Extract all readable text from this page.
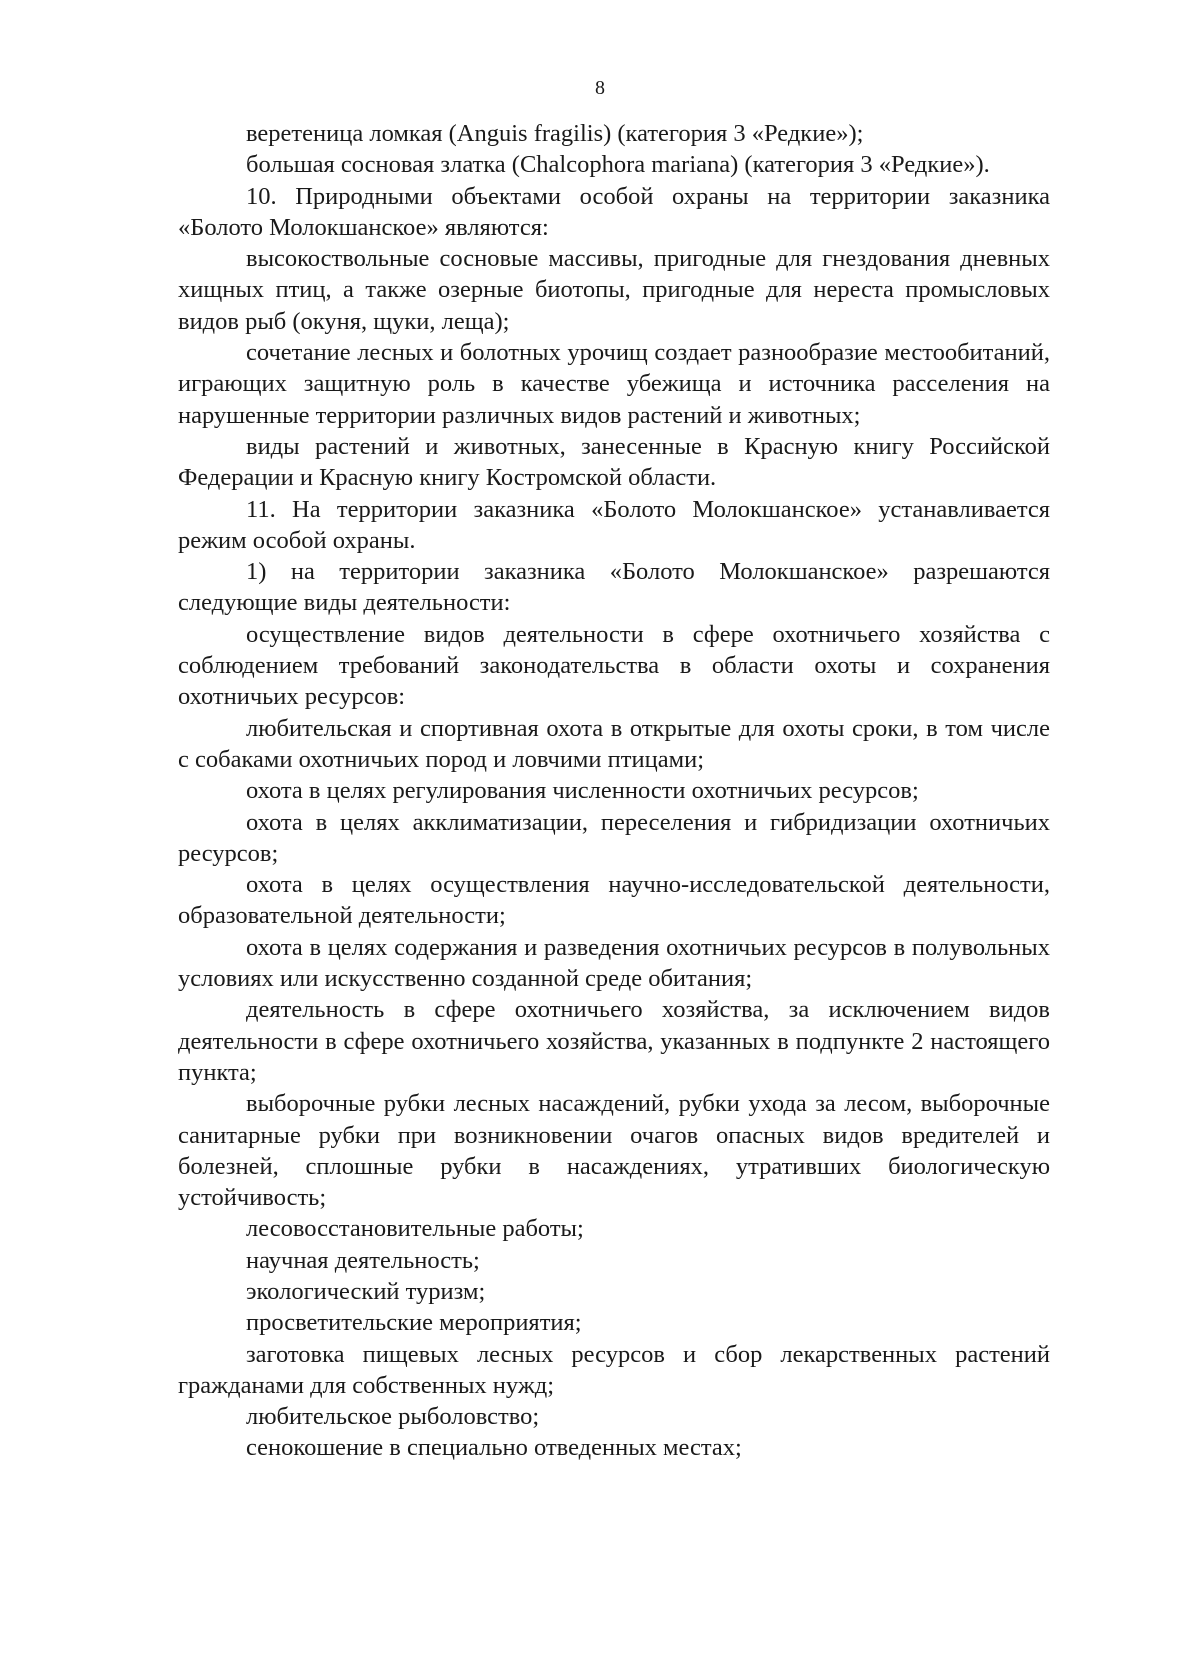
8

веретеница ломкая (Anguis fragilis) (категория 3 «Редкие»);

большая сосновая златка (Chalcophora mariana) (категория 3 «Редкие»).

10. Природными объектами особой охраны на территории заказника «Болото Молокшанское» являются:

высокоствольные сосновые массивы, пригодные для гнездования дневных хищных птиц, а также озерные биотопы, пригодные для нереста промысловых видов рыб (окуня, щуки, леща);

сочетание лесных и болотных урочищ создает разнообразие местообитаний, играющих защитную роль в качестве убежища и источника расселения на нарушенные территории различных видов растений и животных;

виды растений и животных, занесенные в Красную книгу Российской Федерации и Красную книгу Костромской области.

11. На территории заказника «Болото Молокшанское» устанавливается режим особой охраны.

1) на территории заказника «Болото Молокшанское» разрешаются следующие виды деятельности:

осуществление видов деятельности в сфере охотничьего хозяйства с соблюдением требований законодательства в области охоты и сохранения охотничьих ресурсов:

любительская и спортивная охота в открытые для охоты сроки, в том числе с собаками охотничьих пород и ловчими птицами;

охота в целях регулирования численности охотничьих ресурсов;

охота в целях акклиматизации, переселения и гибридизации охотничьих ресурсов;

охота в целях осуществления научно-исследовательской деятельности, образовательной деятельности;

охота в целях содержания и разведения охотничьих ресурсов в полувольных условиях или искусственно созданной среде обитания;

деятельность в сфере охотничьего хозяйства, за исключением видов деятельности в сфере охотничьего хозяйства, указанных в подпункте 2 настоящего пункта;

выборочные рубки лесных насаждений, рубки ухода за лесом, выборочные санитарные рубки при возникновении очагов опасных видов вредителей и болезней, сплошные рубки в насаждениях, утративших биологическую устойчивость;

лесовосстановительные работы;

научная деятельность;

экологический туризм;

просветительские мероприятия;

заготовка пищевых лесных ресурсов и сбор лекарственных растений гражданами для собственных нужд;

любительское рыболовство;

сенокошение в специально отведенных местах;
